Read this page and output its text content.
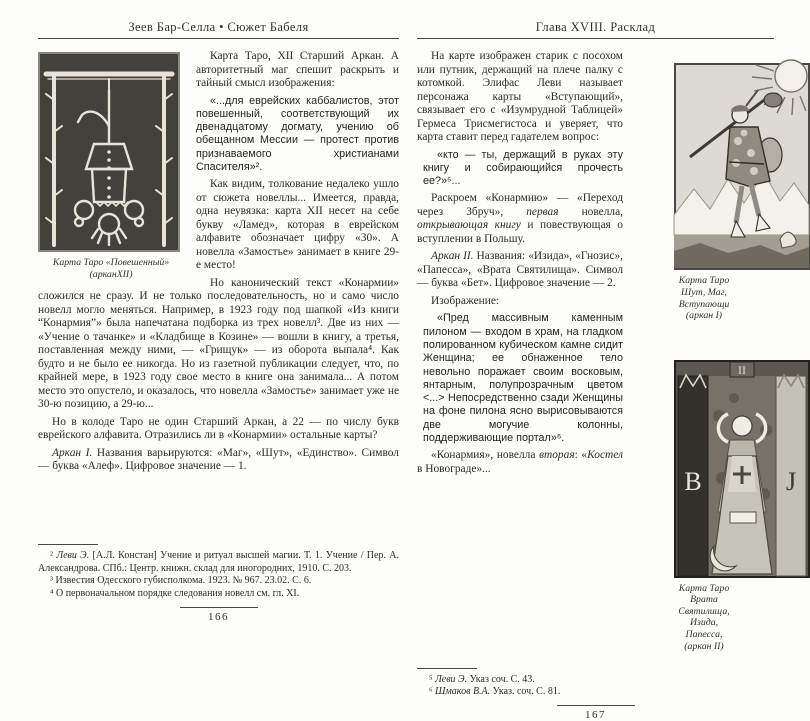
Зеев Бар-Селла • Сюжет Бабеля
Карта Таро «Повешенный»
(арканXII)

Карта Таро, XII Старший Аркан. А авторитетный маг спешит раскрыть и тайный смысл изображения:

«...для еврейских каббалистов, этот повешенный, соответствующий их двенадцатому догмату, учению об обещанном Мессии — протест против признаваемого христианами Спасителя»².

Как видим, толкование недалеко ушло от сюжета новеллы... Имеется, правда, одна неувязка: карта XII несет на себе букву «Ламед», которая в еврейском алфавите обозначает цифру «30». А новелла «Замостье» занимает в книге 29-е место!

Но канонический текст «Конармии» сложился не сразу. И не только последовательность, но и само число новелл могло меняться. Например, в 1923 году под шапкой «Из книги “Конармия”» была напечатана подборка из трех новелл³. Две из них — «Учение о тачанке» и «Кладбище в Козине» — вошли в книгу, а третья, поставленная между ними, — «Грищук» — из оборота выпала⁴. Как будто и не было ее никогда. Но из газетной публикации следует, что, по крайней мере, в 1923 году свое место в книге она занимала... А потом место это опустело, и оказалось, что новелла «Замостье» занимает уже не 30-ю позицию, а 29-ю...

Но в колоде Таро не один Старший Аркан, а 22 — по числу букв еврейского алфавита. Отразились ли в «Конармии» остальные карты?

Аркан I. Названия варьируются: «Маг», «Шут», «Единство». Символ — буква «Алеф». Цифровое значение — 1.

² Леви Э. [А.Л. Констан] Учение и ритуал высшей магии. Т. 1. Учение / Пер. А. Александрова. СПб.: Центр. книжн. склад для иногородних, 1910. С. 203.

³ Известия Одесского губисполкома. 1923. № 967. 23.02. С. 6.

⁴ О первоначальном порядке следования новелл см. гл. XI.

166
Глава XVIII. Расклад
Карта Таро Шут, Маг,
Вступающи (аркан I)
II
B	J
Карта Таро Врата Святилища,
Изида, Папесса, (аркан II)

На карте изображен старик с посохом или путник, держащий на плече палку с котомкой. Элифас Леви называет персонажа карты «Вступающий», связывает его с «Изумрудной Таблицей» Гермеса Трисмегистоса и уверяет, что карта ставит перед гадателем вопрос:

«кто — ты, держащий в руках эту книгу и собирающийся прочесть ее?»⁵...

Раскроем «Конармию» — «Переход через Збруч», первая новелла, открывающая книгу и повествующая о вступлении в Польшу.

Аркан II. Названия: «Изида», «Гнозис», «Папесса», «Врата Святилища». Символ — буква «Бет». Цифровое значение — 2.

Изображение:

«Пред массивным каменным пилоном — входом в храм, на гладком полированном кубическом камне сидит Женщина; ее обнаженное тело невольно поражает своим восковым, янтарным, полупрозрачным цветом <...> Непосредственно сзади Женщины на фоне пилона ясно вырисовываются две могучие колонны, поддерживающие портал»⁶.

«Конармия», новелла вторая: «Костел в Новограде»...

⁵ Леви Э. Указ соч. С. 43.

⁶ Шмаков В.А. Указ. соч. С. 81.

167
